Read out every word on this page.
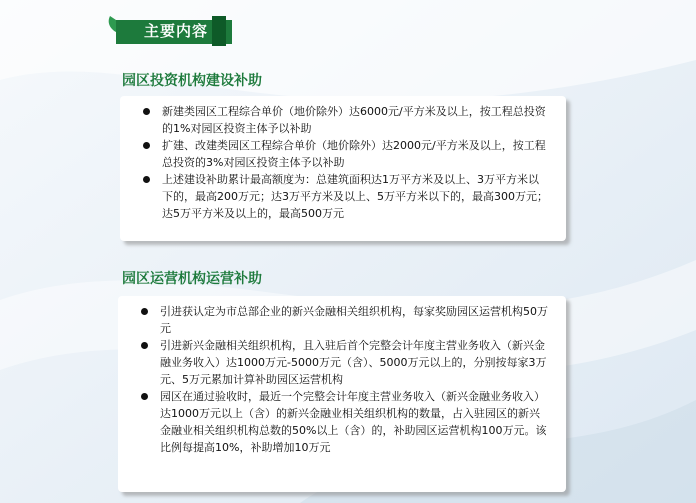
主要内容
园区投资机构建设补助
新建类园区工程综合单价（地价除外）达6000元/平方米及以上，按工程总投资的1%对园区投资主体予以补助
扩建、改建类园区工程综合单价（地价除外）达2000元/平方米及以上，按工程总投资的3%对园区投资主体予以补助
上述建设补助累计最高额度为：总建筑面积达1万平方米及以上、3万平方米以下的，最高200万元；达3万平方米及以上、5万平方米以下的，最高300万元；达5万平方米及以上的，最高500万元
园区运营机构运营补助
引进获认定为市总部企业的新兴金融相关组织机构，每家奖励园区运营机构50万元
引进新兴金融相关组织机构，且入驻后首个完整会计年度主营业务收入（新兴金融业务收入）达1000万元-5000万元（含）、5000万元以上的，分别按每家3万元、5万元累加计算补助园区运营机构
园区在通过验收时，最近一个完整会计年度主营业务收入（新兴金融业务收入）达1000万元以上（含）的新兴金融业相关组织机构的数量，占入驻园区的新兴金融业相关组织机构总数的50%以上（含）的，补助园区运营机构100万元。该比例每提高10%，补助增加10万元
